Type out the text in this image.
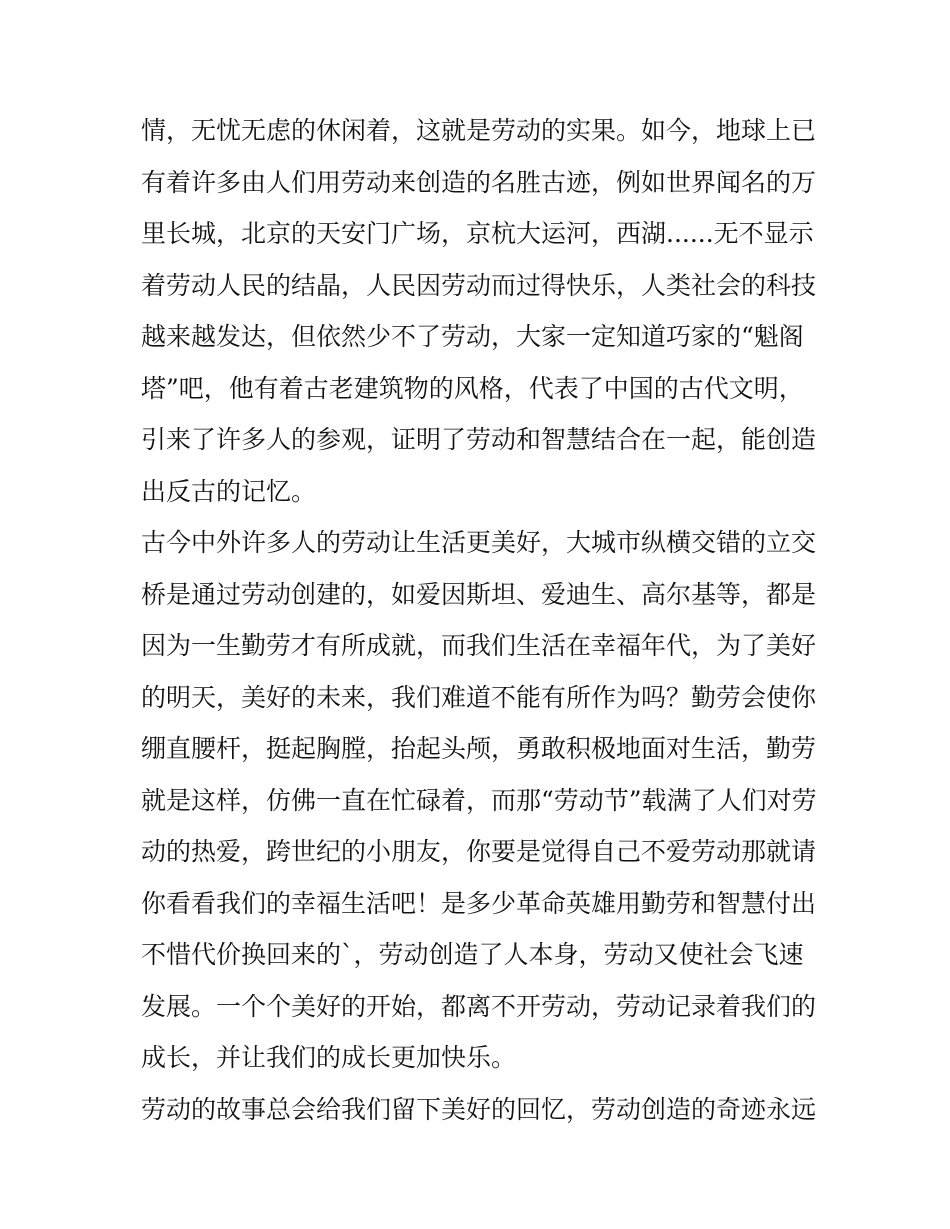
情，无忧无虑的休闲着，这就是劳动的实果。如今，地球上已
有着许多由人们用劳动来创造的名胜古迹，例如世界闻名的万
里长城，北京的天安门广场，京杭大运河，西湖......无不显示
着劳动人民的结晶，人民因劳动而过得快乐，人类社会的科技
越来越发达，但依然少不了劳动，大家一定知道巧家的“魁阁
塔”吧，他有着古老建筑物的风格，代表了中国的古代文明，
引来了许多人的参观，证明了劳动和智慧结合在一起，能创造
出反古的记忆。
古今中外许多人的劳动让生活更美好，大城市纵横交错的立交
桥是通过劳动创建的，如爱因斯坦、爱迪生、高尔基等，都是
因为一生勤劳才有所成就，而我们生活在幸福年代，为了美好
的明天，美好的未来，我们难道不能有所作为吗？勤劳会使你
绷直腰杆，挺起胸膛，抬起头颅，勇敢积极地面对生活，勤劳
就是这样，仿佛一直在忙碌着，而那“劳动节”载满了人们对劳
动的热爱，跨世纪的小朋友，你要是觉得自己不爱劳动那就请
你看看我们的幸福生活吧！是多少革命英雄用勤劳和智慧付出
不惜代价换回来的`，劳动创造了人本身，劳动又使社会飞速
发展。一个个美好的开始，都离不开劳动，劳动记录着我们的
成长，并让我们的成长更加快乐。
劳动的故事总会给我们留下美好的回忆，劳动创造的奇迹永远
